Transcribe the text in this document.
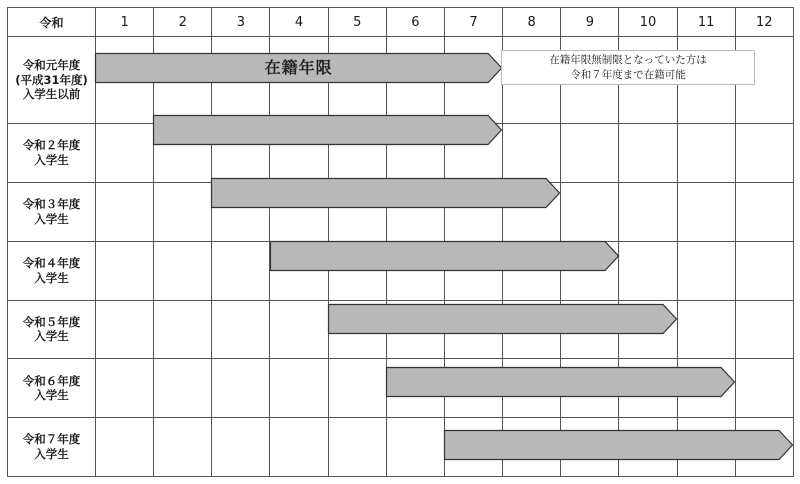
令和	1	2	3	4	5	6	7	8	9	10	11	12

令和元年度
(平成31年度)
入学生以前												

令和２年度
入学生												

令和３年度
入学生												

令和４年度
入学生												

令和５年度
入学生												

令和６年度
入学生												

令和７年度
入学生												

在籍年限	在籍年限無制限となっていた方は
令和７年度まで在籍可能
